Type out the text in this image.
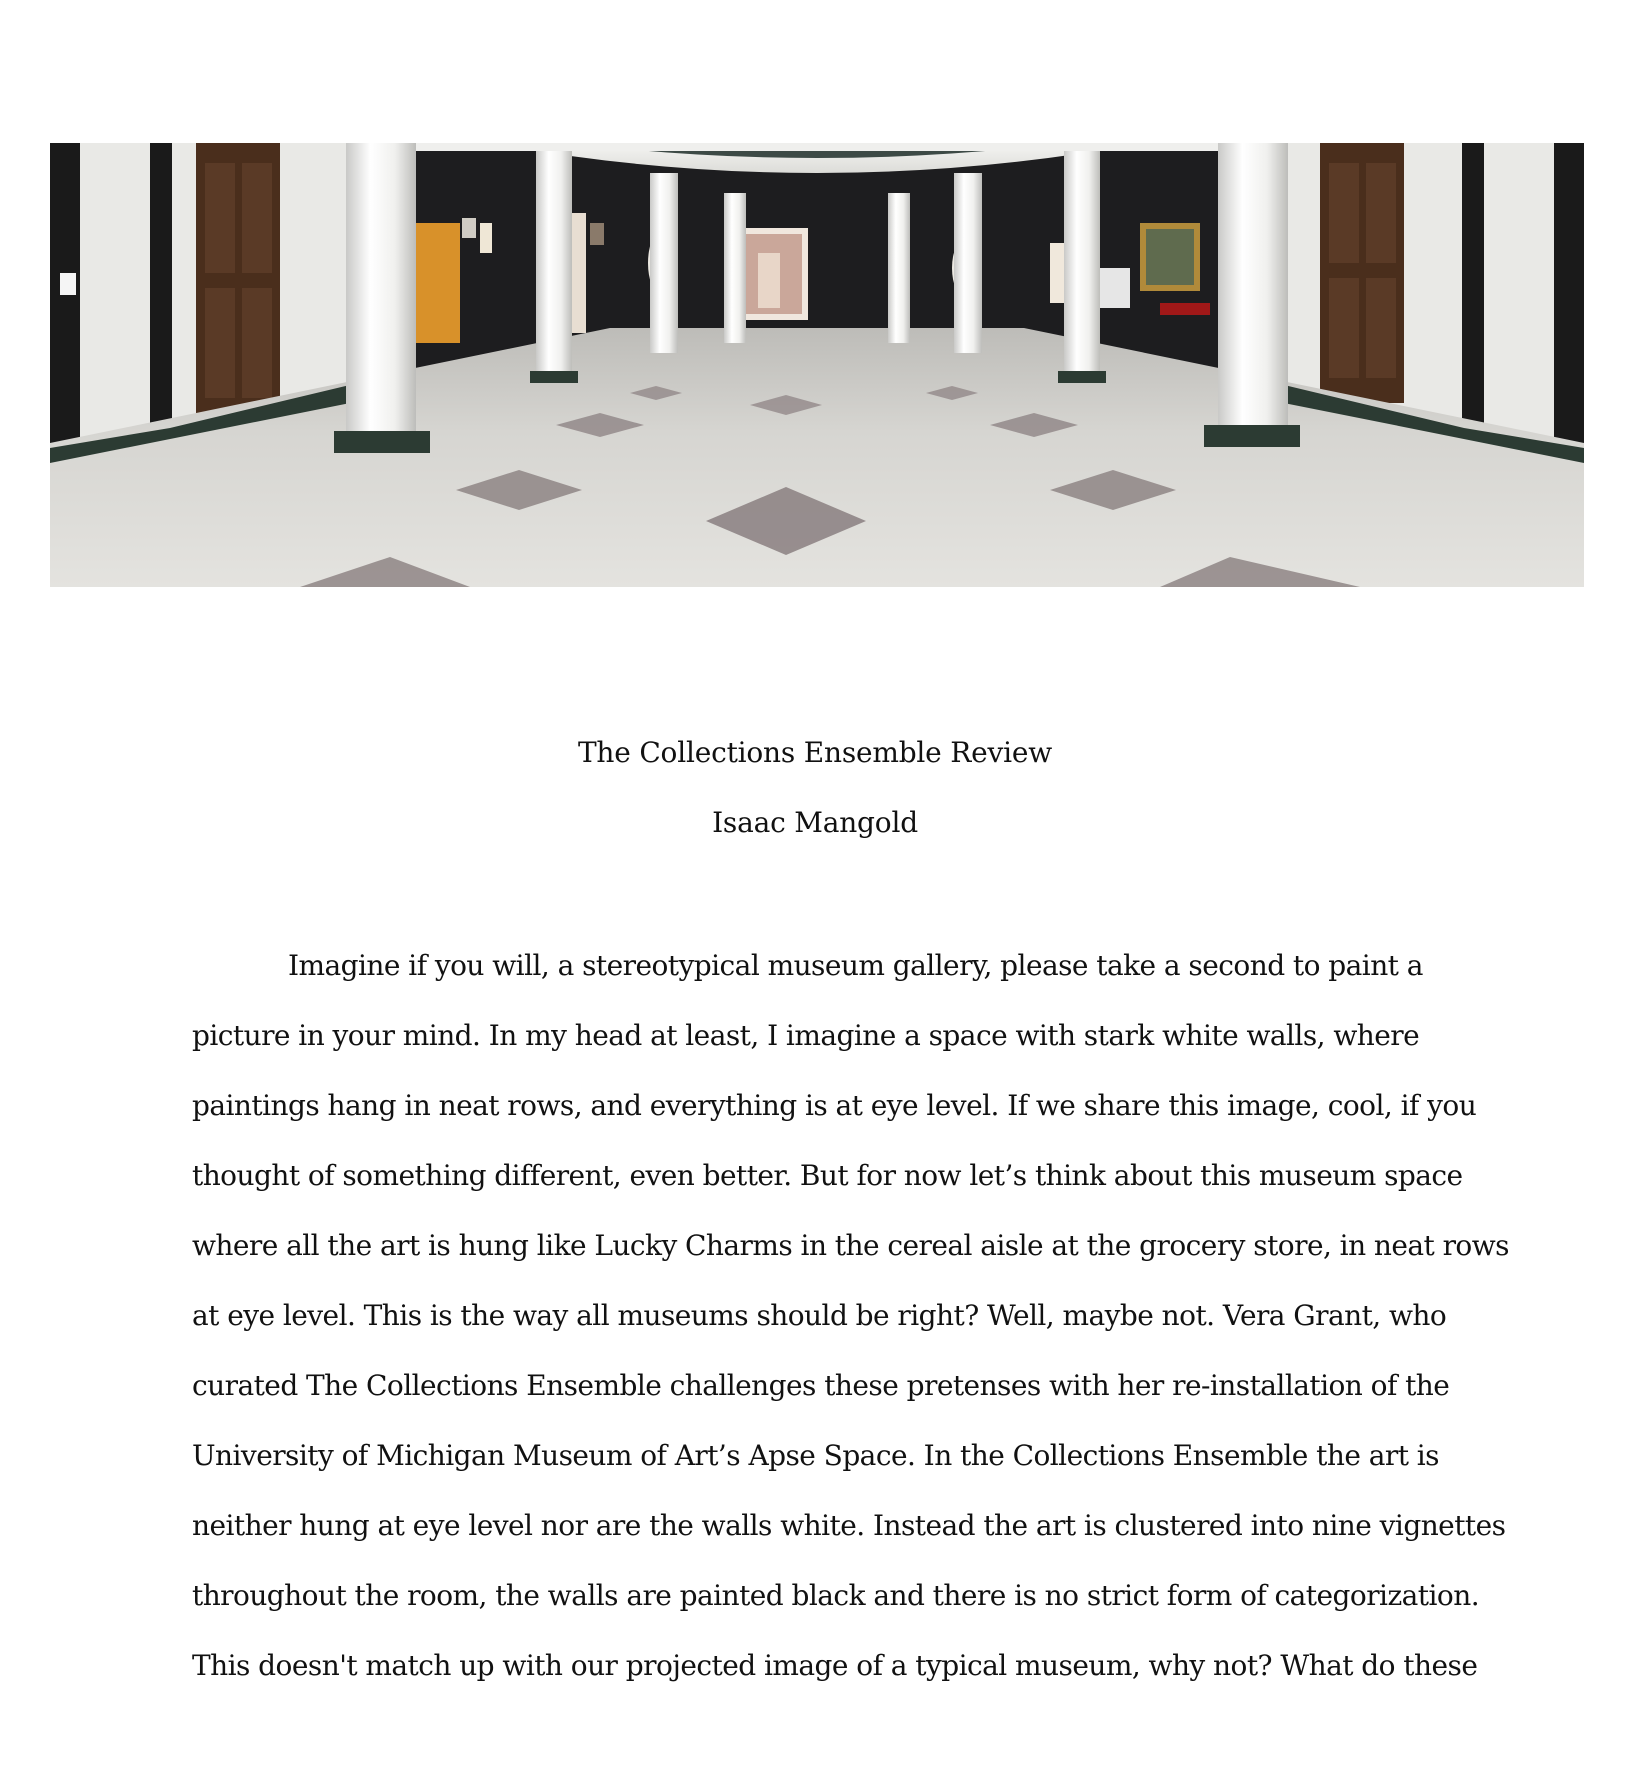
The Collections Ensemble Review
Isaac Mangold
Imagine if you will, a stereotypical museum gallery, please take a second to paint a
picture in your mind. In my head at least, I imagine a space with stark white walls, where
paintings hang in neat rows, and everything is at eye level. If we share this image, cool, if you
thought of something different, even better. But for now let’s think about this museum space
where all the art is hung like Lucky Charms in the cereal aisle at the grocery store, in neat rows
at eye level. This is the way all museums should be right? Well, maybe not. Vera Grant, who
curated The Collections Ensemble challenges these pretenses with her re-installation of the
University of Michigan Museum of Art’s Apse Space. In the Collections Ensemble the art is
neither hung at eye level nor are the walls white. Instead the art is clustered into nine vignettes
throughout the room, the walls are painted black and there is no strict form of categorization.
This doesn't match up with our projected image of a typical museum, why not? What do these
